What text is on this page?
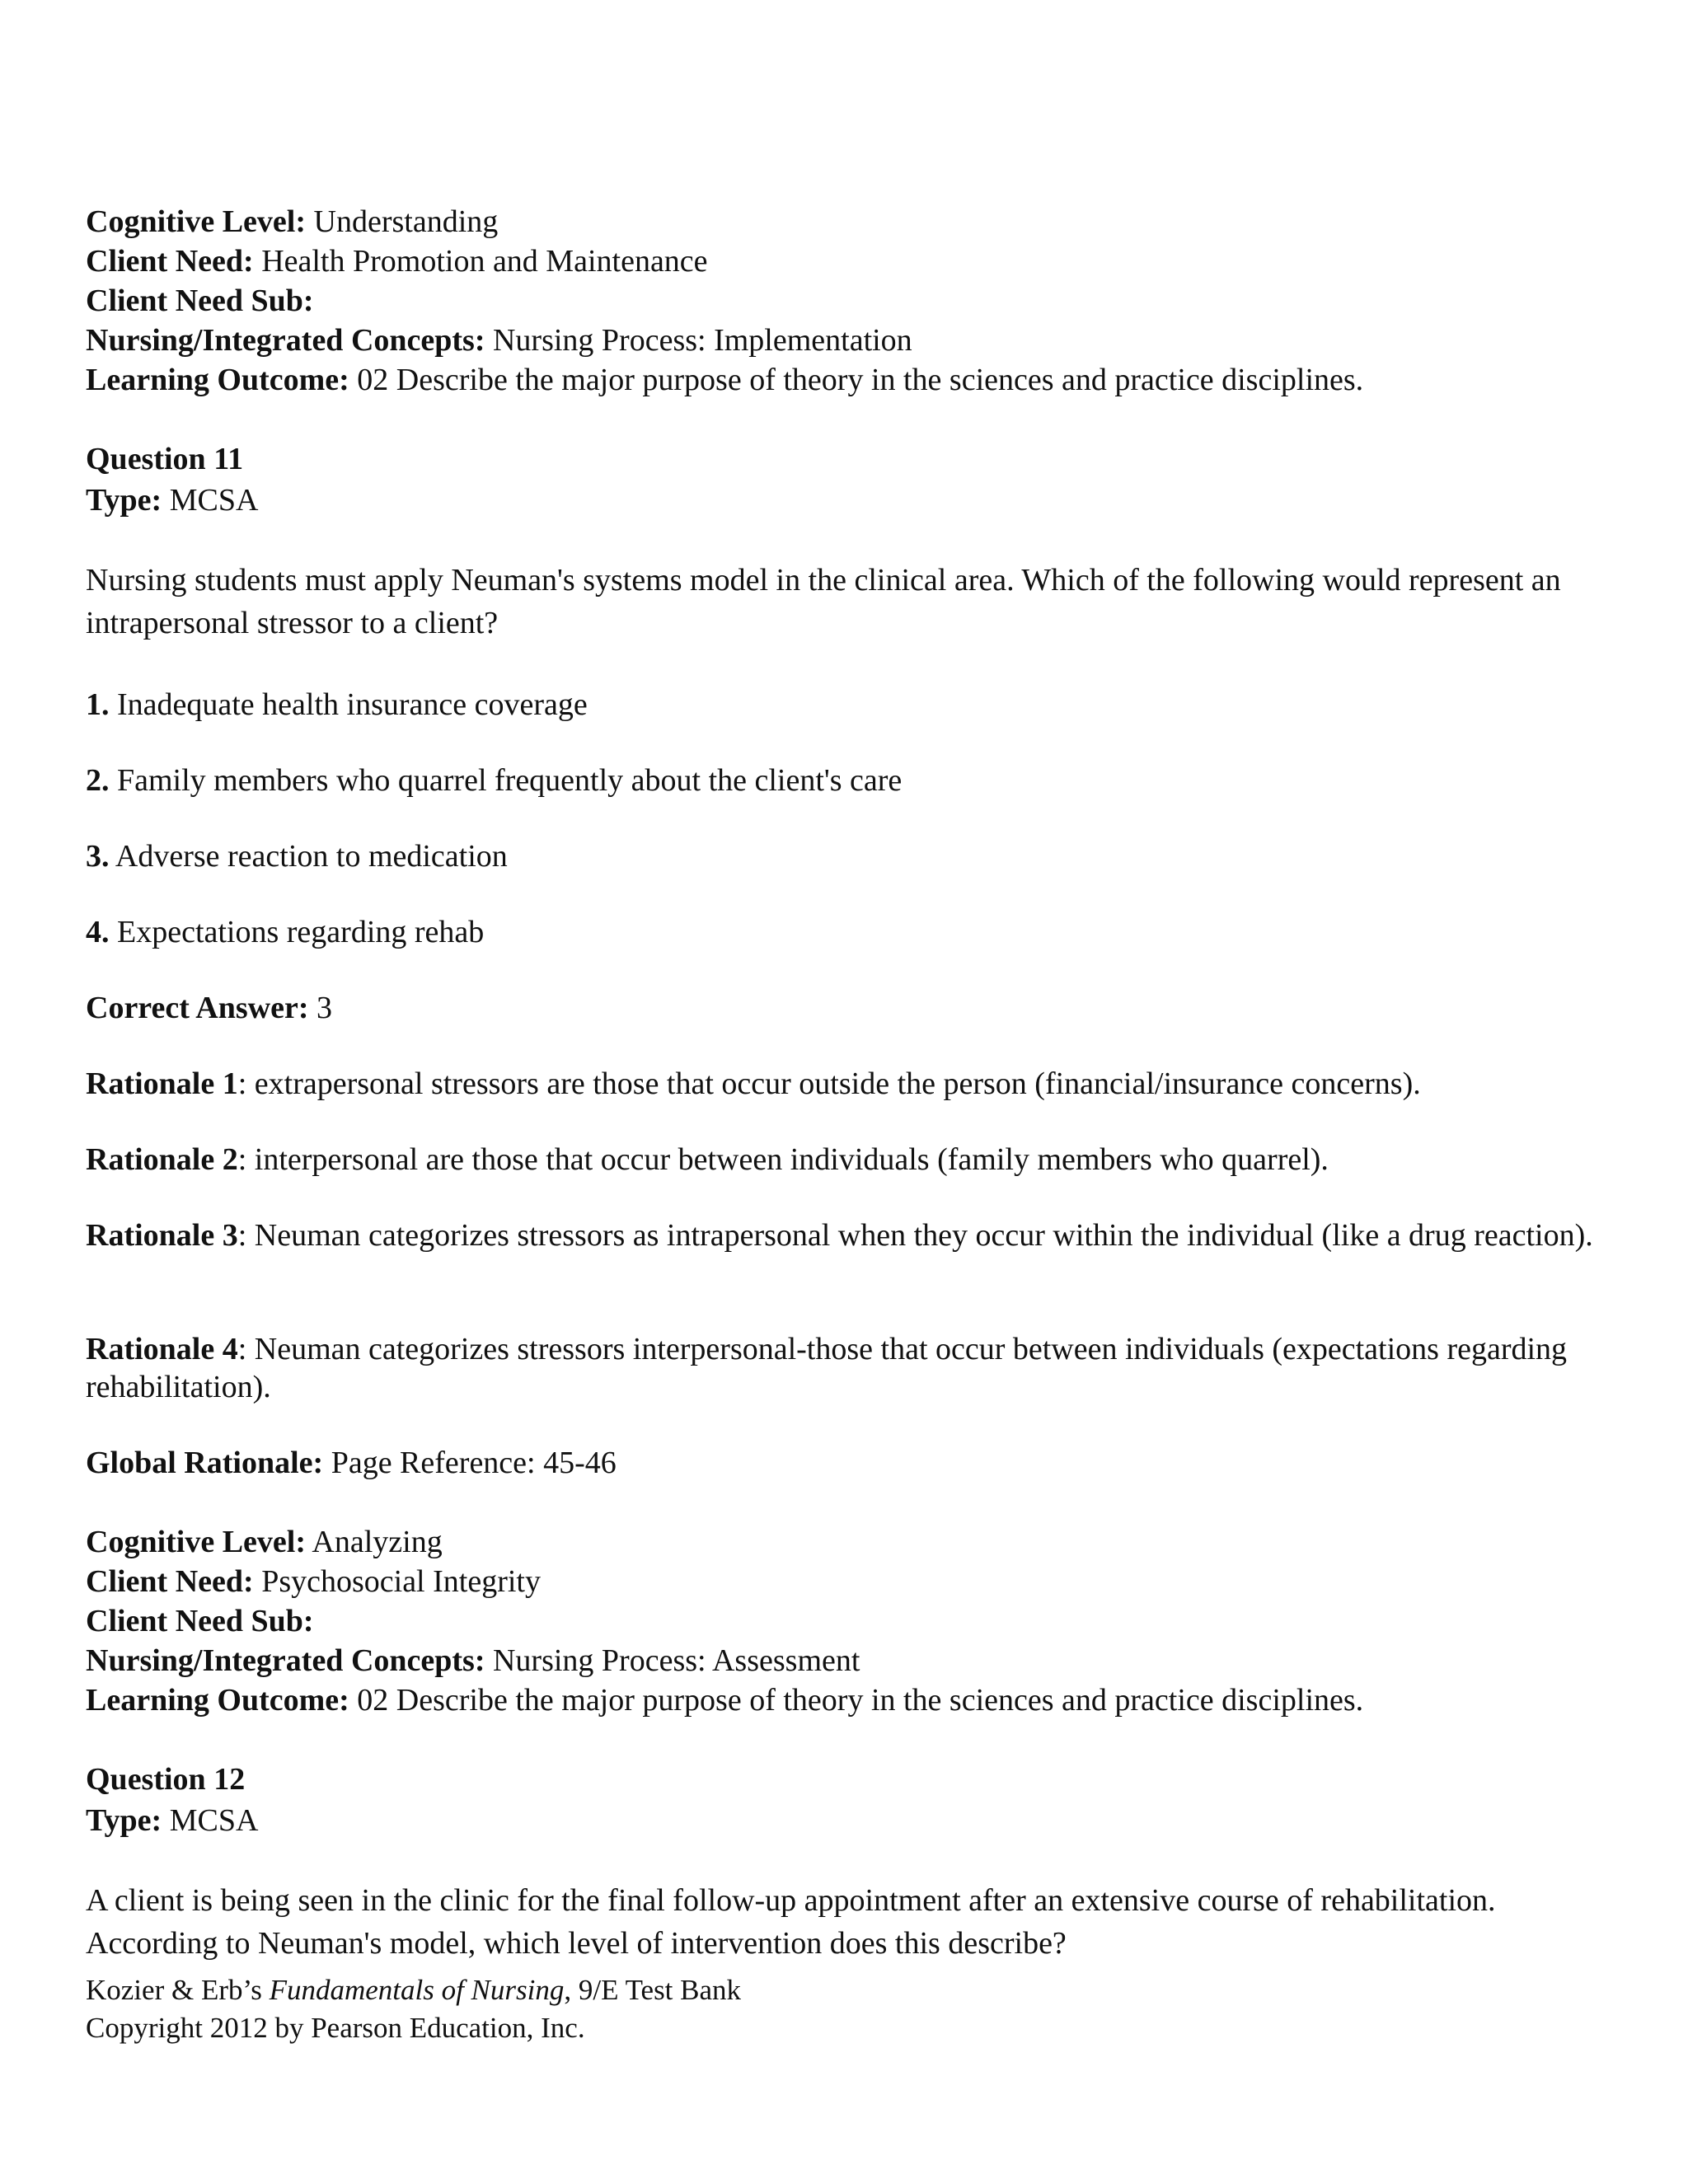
Cognitive Level: Understanding
Client Need: Health Promotion and Maintenance
Client Need Sub:
Nursing/Integrated Concepts: Nursing Process: Implementation
Learning Outcome: 02 Describe the major purpose of theory in the sciences and practice disciplines.
Question 11
Type: MCSA
Nursing students must apply Neuman's systems model in the clinical area. Which of the following would represent an intrapersonal stressor to a client?
1. Inadequate health insurance coverage
2. Family members who quarrel frequently about the client's care
3. Adverse reaction to medication
4. Expectations regarding rehab
Correct Answer: 3
Rationale 1: extrapersonal stressors are those that occur outside the person (financial/insurance concerns).
Rationale 2: interpersonal are those that occur between individuals (family members who quarrel).
Rationale 3: Neuman categorizes stressors as intrapersonal when they occur within the individual (like a drug reaction).
Rationale 4: Neuman categorizes stressors interpersonal-those that occur between individuals (expectations regarding rehabilitation).
Global Rationale: Page Reference: 45-46
Cognitive Level: Analyzing
Client Need: Psychosocial Integrity
Client Need Sub:
Nursing/Integrated Concepts: Nursing Process: Assessment
Learning Outcome: 02 Describe the major purpose of theory in the sciences and practice disciplines.
Question 12
Type: MCSA
A client is being seen in the clinic for the final follow-up appointment after an extensive course of rehabilitation. According to Neuman's model, which level of intervention does this describe?
Kozier & Erb’s Fundamentals of Nursing, 9/E Test Bank
Copyright 2012 by Pearson Education, Inc.
